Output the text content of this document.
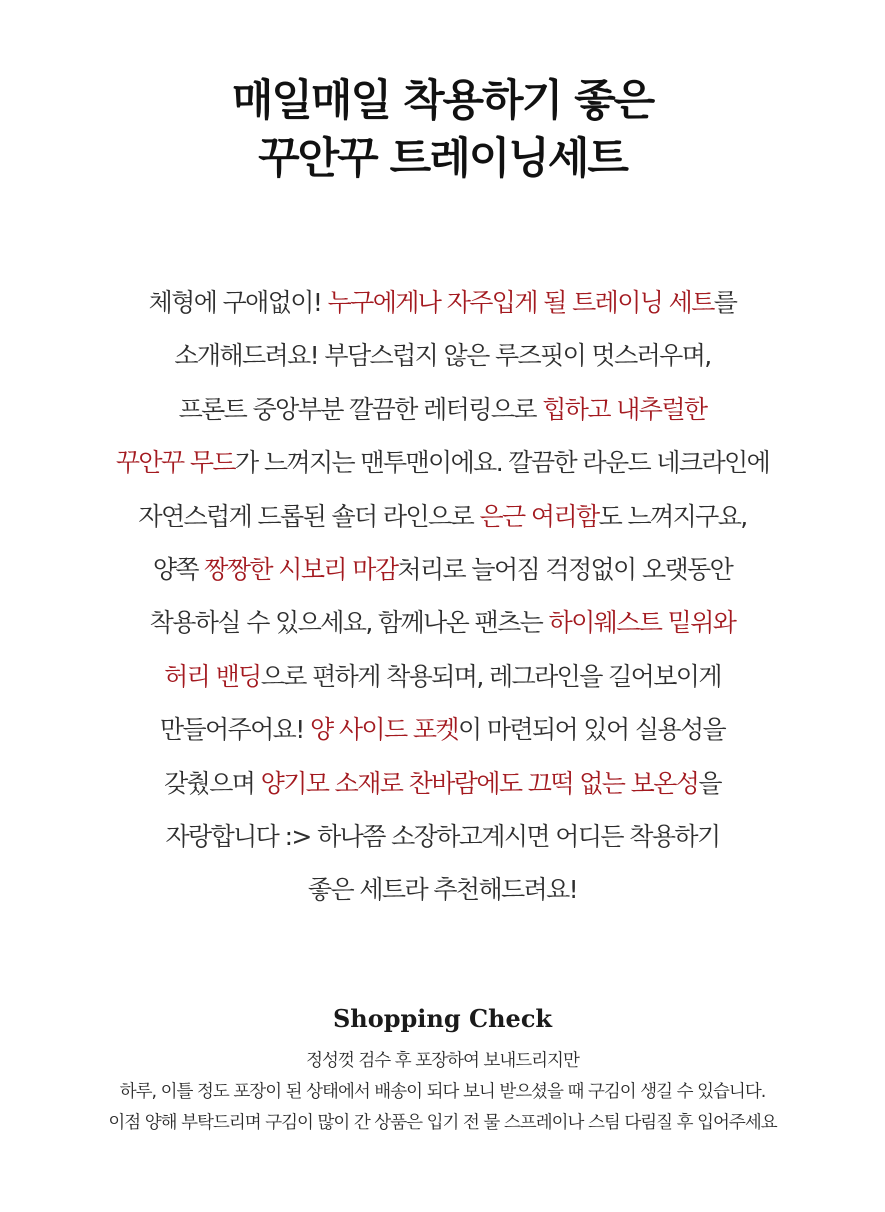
매일매일 착용하기 좋은
꾸안꾸 트레이닝세트
체형에 구애없이! 누구에게나 자주입게 될 트레이닝 세트를
소개해드려요! 부담스럽지 않은 루즈핏이 멋스러우며,
프론트 중앙부분 깔끔한 레터링으로 힙하고 내추럴한
꾸안꾸 무드가 느껴지는 맨투맨이에요. 깔끔한 라운드 네크라인에
자연스럽게 드롭된 숄더 라인으로 은근 여리함도 느껴지구요,
양쪽 짱짱한 시보리 마감처리로 늘어짐 걱정없이 오랫동안
착용하실 수 있으세요, 함께나온 팬츠는 하이웨스트 밑위와
허리 밴딩으로 편하게 착용되며, 레그라인을 길어보이게
만들어주어요! 양 사이드 포켓이 마련되어 있어 실용성을
갖췄으며 양기모 소재로 찬바람에도 끄떡 없는 보온성을
자랑합니다 :> 하나쯤 소장하고계시면 어디든 착용하기
좋은 세트라 추천해드려요!
Shopping Check
정성껏 검수 후 포장하여 보내드리지만
하루, 이틀 정도 포장이 된 상태에서 배송이 되다 보니 받으셨을 때 구김이 생길 수 있습니다.
이점 양해 부탁드리며 구김이 많이 간 상품은 입기 전 물 스프레이나 스팀 다림질 후 입어주세요
